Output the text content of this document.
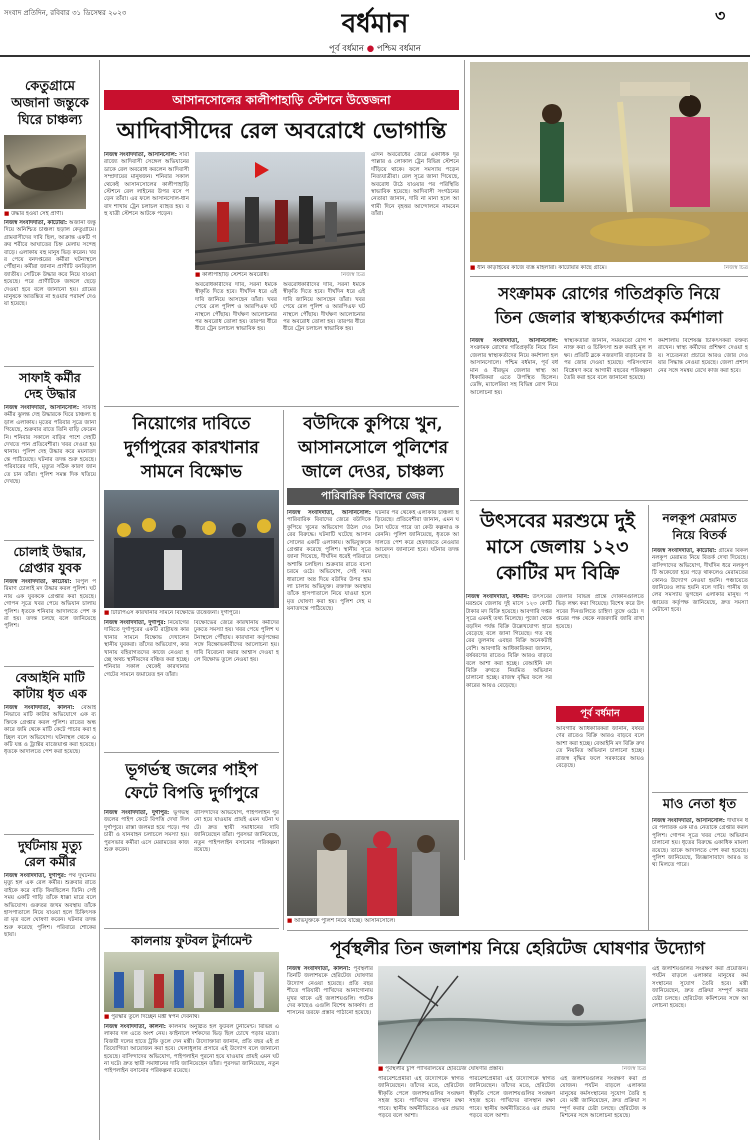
সংবাদ প্রতিদিন, রবিবার ৩১ ডিসেম্বর ২০২৩	বর্ধমান	৩
পূর্ব বর্ধমান ● পশ্চিম বর্ধমান
কেতুগ্রামে
অজানা জন্তুকে
ঘিরে চাঞ্চল্য
■ উদ্ধার হওয়া সেই প্রাণী।
নিজস্ব সংবাদদাতা, কাটোয়া: অজানা জন্তু দিয়ে অনিশ্চিত চাঞ্চল্য ছড়াল কেতুগ্রামে। গ্রামবাসীদের দাবি ছিল, আক্রান্ত একটি গরুর শরীরে আঘাতের চিহ্ন মেলায় সন্দেহ বাড়ে। এলাকায় বহু মানুষ ভিড় করেন। খবর পেয়ে বনদপ্তরের কর্মীরা ঘটনাস্থলে পৌঁছান। কর্মীরা জানান প্রাণীটি বনবিড়াল জাতীয়। সেটিকে উদ্ধার করে নিয়ে যাওয়া হয়েছে। পরে প্রাণীটিকে জঙ্গলে ছেড়ে দেওয়া হবে বলে জানানো হয়। গ্রামের মানুষকে আতঙ্কিত না হওয়ার পরামর্শ দেওয়া হয়েছে।
সাফাই কর্মীর
দেহ উদ্ধার
নিজস্ব সংবাদদাতা, আসানসোল: সাফাই কর্মীর ঝুলন্ত দেহ উদ্ধারকে ঘিরে চাঞ্চল্য ছড়াল এলাকায়। মৃতের পরিবার সূত্রে জানা গিয়েছে, শুক্রবার রাতে তিনি বাড়ি ফেরেননি। শনিবার সকালে বাড়ির পাশে দেহটি দেখতে পান প্রতিবেশীরা। খবর দেওয়া হয় থানায়। পুলিশ দেহ উদ্ধার করে ময়নাতদন্তে পাঠিয়েছে। ঘটনার তদন্ত শুরু হয়েছে। পরিবারের দাবি, মৃত্যুর সঠিক কারণ জানতে চান তাঁরা। পুলিশ সমস্ত দিক খতিয়ে দেখছে।
চোলাই উদ্ধার,
গ্রেপ্তার যুবক
নিজস্ব সংবাদদাতা, কাটোয়া: বিপুল পরিমাণ চোলাই মদ উদ্ধার করল পুলিশ। ঘটনায় এক যুবককে গ্রেপ্তার করা হয়েছে। গোপন সূত্রে খবর পেয়ে অভিযান চালায় পুলিশ। ধৃতকে শনিবার আদালতে পেশ করা হয়। তদন্ত চলছে বলে জানিয়েছে পুলিশ।
বেআইনি মাটি
কাটায় ধৃত এক
নিজস্ব সংবাদদাতা, কালনা: বেআইনিভাবে মাটি কাটার অভিযোগে এক ব্যক্তিকে গ্রেপ্তার করল পুলিশ। রাতের অন্ধকারে জমি থেকে মাটি কেটে পাচার করা হচ্ছিল বলে অভিযোগ। ঘটনাস্থল থেকে একটি যন্ত্র ও ট্র্যাক্টর বাজেয়াপ্ত করা হয়েছে। ধৃতকে আদালতে পেশ করা হয়েছে।
দুর্ঘটনায় মৃত্যু
রেল কর্মীর
নিজস্ব সংবাদদাতা, দুর্গাপুর: পথ দুর্ঘটনায় মৃত্যু হল এক রেল কর্মীর। শুক্রবার রাতে বাইকে করে বাড়ি ফিরছিলেন তিনি। সেই সময় একটি গাড়ি তাঁকে ধাক্কা মারে বলে অভিযোগ। গুরুতর জখম অবস্থায় তাঁকে হাসপাতালে নিয়ে যাওয়া হলে চিকিৎসকরা মৃত বলে ঘোষণা করেন। ঘটনার তদন্ত শুরু করেছে পুলিশ। পরিবারে শোকের ছায়া।
আসানসোলের কালীপাহাড়ি স্টেশনে উত্তেজনা
আদিবাসীদের রেল অবরোধে ভোগান্তি
নিজস্ব সংবাদদাতা, আসানসোল: সারা রাজ্যে আদিবাসী সেঙ্গেল অভিযানের ডাকে রেল অবরোধ করলেন আদিবাসী সম্প্রদায়ের মানুষজন। শনিবার সকাল থেকেই আসানসোলের কালীপাহাড়ি স্টেশনে রেল লাইনের উপর বসে পড়েন তাঁরা। এর ফলে আসানসোল-ধানবাদ শাখায় ট্রেন চলাচল ব্যাহত হয়। বহু যাত্রী স্টেশনে আটকে পড়েন।
■ কালীপাহাড়ি স্টেশনে অবরোধ।	নিজস্ব চিত্র
অবরোধকারীদের দাবি, সরনা ধর্মকে স্বীকৃতি দিতে হবে। দীর্ঘদিন ধরে এই দাবি জানিয়ে আসছেন তাঁরা। খবর পেয়ে রেল পুলিশ ও আরপিএফ ঘটনাস্থলে পৌঁছায়। দীর্ঘক্ষণ আলোচনার পর অবরোধ তোলা হয়। তারপর ধীরে ধীরে ট্রেন চলাচল স্বাভাবিক হয়।
অবরোধকারীদের দাবি, সরনা ধর্মকে স্বীকৃতি দিতে হবে। দীর্ঘদিন ধরে এই দাবি জানিয়ে আসছেন তাঁরা। খবর পেয়ে রেল পুলিশ ও আরপিএফ ঘটনাস্থলে পৌঁছায়। দীর্ঘক্ষণ আলোচনার পর অবরোধ তোলা হয়। তারপর ধীরে ধীরে ট্রেন চলাচল স্বাভাবিক হয়।
এদিন অবরোধের জেরে একাধিক দূরপাল্লার ও লোকাল ট্রেন বিভিন্ন স্টেশনে দাঁড়িয়ে থাকে। ফলে সমস্যায় পড়েন নিত্যযাত্রীরা। রেল সূত্রে জানা গিয়েছে, অবরোধ উঠে যাওয়ার পর পরিস্থিতি স্বাভাবিক হয়েছে। আদিবাসী সংগঠনের নেতারা জানান, দাবি না মানা হলে আগামী দিনে বৃহত্তর আন্দোলনে নামবেন তাঁরা।
■ ধান কাড়াইয়ের কাজে ব্যস্ত মহিলারা। কাটোয়ার কাছে গ্রামে।	নিজস্ব চিত্র
সংক্রামক রোগের গতিপ্রকৃতি নিয়ে
তিন জেলার স্বাস্থ্যকর্তাদের কর্মশালা
নিজস্ব সংবাদদাতা, আসানসোল: সংক্রামক রোগের গতিপ্রকৃতি নিয়ে তিন জেলার স্বাস্থ্যকর্তাদের নিয়ে কর্মশালা হল আসানসোলে। পশ্চিম বর্ধমান, পূর্ব বর্ধমান ও বীরভূম জেলার স্বাস্থ্য আধিকারিকরা এতে উপস্থিত ছিলেন। ডেঙ্গি, ম্যালেরিয়া সহ বিভিন্ন রোগ নিয়ে আলোচনা হয়।
স্বাস্থ্যকর্তারা জানান, সময়মতো রোগ শনাক্ত করা ও চিকিৎসা শুরু করাই মূল লক্ষ্য। প্রতিটি ব্লকে নজরদারি বাড়ানোর উপর জোর দেওয়া হয়েছে। পরিসংখ্যান বিশ্লেষণ করে আগামী বছরের পরিকল্পনা তৈরি করা হবে বলে জানানো হয়েছে।
কর্মশালায় বিশেষজ্ঞ চিকিৎসকরা বক্তব্য রাখেন। স্বাস্থ্য কর্মীদের প্রশিক্ষণ দেওয়া হয়। সচেতনতা প্রচারে আরও জোর দেওয়ার সিদ্ধান্ত নেওয়া হয়েছে। জেলা প্রশাসনের সঙ্গে সমন্বয় রেখে কাজ করা হবে।
নিয়োগের দাবিতে
দুর্গাপুরের কারখানার
সামনে বিক্ষোভ
■ টিটিপিএস কারখানার সামনে বিক্ষোভে উত্তেজনা। দুর্গাপুরে।
নিজস্ব সংবাদদাতা, দুর্গাপুর: নিয়োগের দাবিতে দুর্গাপুরের একটি রাষ্ট্রায়ত্ত কারখানার সামনে বিক্ষোভ দেখালেন স্থানীয় যুবকরা। তাঁদের অভিযোগ, কারখানায় বহিরাগতদের কাজে নেওয়া হচ্ছে অথচ স্থানীয়দের বঞ্চিত করা হচ্ছে। শনিবার সকাল থেকেই কারখানার গেটের সামনে জমায়েত হন তাঁরা।
বিক্ষোভের জেরে কারখানায় কর্মীদের ঢুকতে সমস্যা হয়। খবর পেয়ে পুলিশ ঘটনাস্থলে পৌঁছায়। কারখানা কর্তৃপক্ষের সঙ্গে বিক্ষোভকারীদের আলোচনা হয়। দাবি বিবেচনা করার আশ্বাস দেওয়া হলে বিক্ষোভ তুলে নেওয়া হয়।
বউদিকে কুপিয়ে খুন,
আসানসোলে পুলিশের
জালে দেওর, চাঞ্চল্য
পারিবারিক বিবাদের জের
নিজস্ব সংবাদদাতা, আসানসোল: পারিবারিক বিবাদের জেরে বউদিকে কুপিয়ে খুনের অভিযোগ উঠল দেওরের বিরুদ্ধে। ঘটনাটি ঘটেছে আসানসোলের একটি এলাকায়। অভিযুক্তকে গ্রেপ্তার করেছে পুলিশ। স্থানীয় সূত্রে জানা গিয়েছে, দীর্ঘদিন ধরেই পরিবারে অশান্তি চলছিল। শুক্রবার রাতে বচসা চরমে ওঠে। অভিযোগ, সেই সময় ধারালো অস্ত্র দিয়ে বউদির উপর হামলা চালায় অভিযুক্ত। রক্তাক্ত অবস্থায় তাঁকে হাসপাতালে নিয়ে যাওয়া হলে মৃত ঘোষণা করা হয়। পুলিশ দেহ ময়নাতদন্তে পাঠিয়েছে।
ঘটনার পর থেকেই এলাকায় চাঞ্চল্য ছড়িয়েছে। প্রতিবেশীরা জানান, এমন ঘটনা ঘটতে পারে তা কেউ কল্পনাও করেননি। পুলিশ জানিয়েছে, ধৃতকে আদালতে পেশ করে হেফাজতে নেওয়ার আবেদন জানানো হবে। ঘটনার তদন্ত চলছে।
■ অভিযুক্তকে পুলিশ নিয়ে যাচ্ছে। আসানসোলে।
উৎসবের মরশুমে দুই
মাসে জেলায় ১২৩
কোটির মদ বিক্রি
নিজস্ব সংবাদদাতা, বর্ধমান: উৎসবের মরশুমে জেলায় দুই মাসে ১২৩ কোটি টাকার মদ বিক্রি হয়েছে। আবগারি দপ্তর সূত্রে এমনই তথ্য মিলেছে। পুজো থেকে বড়দিন পর্যন্ত বিক্রি উল্লেখযোগ্য হারে বেড়েছে বলে জানা গিয়েছে। গত বছরের তুলনায় এবছর বিক্রি অনেকটাই বেশি। আবগারি আধিকারিকরা জানান, বর্ষবরণের রাতেও বিক্রি আরও বাড়বে বলে আশা করা হচ্ছে। বেআইনি মদ বিক্রি রুখতে নিয়মিত অভিযান চালানো হচ্ছে। রাজস্ব বৃদ্ধির ফলে সরকারের আয়ও বেড়েছে।
পূর্ব বর্ধমান
জেলার বিভিন্ন প্রান্তে দোকানগুলিতে ভিড় লক্ষ্য করা গিয়েছে। বিশেষ করে উৎসবের দিনগুলিতে চাহিদা তুঙ্গে ওঠে। দপ্তরের পক্ষ থেকে নজরদারি জারি রাখা হয়েছে।
আবগারি আধিকারিকরা জানান, বর্ষবরণের রাতেও বিক্রি আরও বাড়বে বলে আশা করা হচ্ছে। বেআইনি মদ বিক্রি রুখতে নিয়মিত অভিযান চালানো হচ্ছে। রাজস্ব বৃদ্ধির ফলে সরকারের আয়ও বেড়েছে।
নলকূপ মেরামত
নিয়ে বিতর্ক
নিজস্ব সংবাদদাতা, কাটোয়া: গ্রামের বিকল নলকূপ মেরামত নিয়ে বিতর্ক দেখা দিয়েছে। বাসিন্দাদের অভিযোগ, দীর্ঘদিন ধরে নলকূপটি অকেজো হয়ে পড়ে থাকলেও মেরামতের কোনও উদ্যোগ নেওয়া হয়নি। পঞ্চায়েতে জানিয়েও লাভ হয়নি বলে দাবি। পানীয় জলের সমস্যায় ভুগছেন এলাকার মানুষ। পঞ্চায়েত কর্তৃপক্ষ জানিয়েছে, দ্রুত সমস্যা মেটানো হবে।
মাও নেতা ধৃত
নিজস্ব সংবাদদাতা, আসানসোল: দীর্ঘদিন ধরে পলাতক এক মাও নেতাকে গ্রেপ্তার করল পুলিশ। গোপন সূত্রে খবর পেয়ে অভিযান চালানো হয়। ধৃতের বিরুদ্ধে একাধিক মামলা রয়েছে। তাকে আদালতে পেশ করা হয়েছে। পুলিশ জানিয়েছে, জিজ্ঞাসাবাদে আরও তথ্য মিলতে পারে।
ভূগর্ভস্থ জলের পাইপ
ফেটে বিপত্তি দুর্গাপুরে
নিজস্ব সংবাদদাতা, দুর্গাপুর: ভূগর্ভস্থ জলের পাইপ ফেটে বিপত্তি দেখা দিল দুর্গাপুরে। রাস্তা জলমগ্ন হয়ে পড়ে। পথচারী ও যানবাহন চলাচলে সমস্যা হয়। পুরসভার কর্মীরা এসে মেরামতের কাজ শুরু করেন।
বাসিন্দাদের অভিযোগ, পাইপলাইন পুরনো হয়ে যাওয়ায় প্রায়ই এমন ঘটনা ঘটে। দ্রুত স্থায়ী সমাধানের দাবি জানিয়েছেন তাঁরা। পুরসভা জানিয়েছে, নতুন পাইপলাইন বসানোর পরিকল্পনা রয়েছে।
কালনায় ফুটবল টুর্নামেন্ট
■ পুরস্কার তুলে দিচ্ছেন মন্ত্রী স্বপন দেবনাথ।
নিজস্ব সংবাদদাতা, কালনা: কালনায় অনুষ্ঠিত হল ফুটবল টুর্নামেন্ট। বিভিন্ন এলাকার দল এতে অংশ নেয়। ফাইনালে দর্শকদের ভিড় ছিল চোখে পড়ার মতো। বিজয়ী দলের হাতে ট্রফি তুলে দেন মন্ত্রী। উদ্যোক্তারা জানান, প্রতি বছর এই প্রতিযোগিতা আয়োজন করা হবে। খেলাধুলার প্রসারে এই উদ্যোগ বলে জানানো হয়েছে। বাসিন্দাদের অভিযোগ, পাইপলাইন পুরনো হয়ে যাওয়ায় প্রায়ই এমন ঘটনা ঘটে। দ্রুত স্থায়ী সমাধানের দাবি জানিয়েছেন তাঁরা। পুরসভা জানিয়েছে, নতুন পাইপলাইন বসানোর পরিকল্পনা রয়েছে।
পূর্বস্থলীর তিন জলাশয় নিয়ে হেরিটেজ ঘোষণার উদ্যোগ
নিজস্ব সংবাদদাতা, কালনা: পূর্বস্থলীর তিনটি জলাশয়কে হেরিটেজ ঘোষণার উদ্যোগ নেওয়া হয়েছে। প্রতি বছর শীতে পরিযায়ী পাখিদের আনাগোনায় মুখর থাকে এই জলাশয়গুলি। পর্যটকদের কাছেও এগুলি বিশেষ আকর্ষণ। প্রশাসনের তরফে প্রস্তাব পাঠানো হয়েছে।
■ পূর্বস্থলীর চুপি পাখিরালয়ের হেরিটেজ ঘোষণার প্রস্তাব।	নিজস্ব চিত্র
পরিবেশপ্রেমীরা এই উদ্যোগকে স্বাগত জানিয়েছেন। তাঁদের মতে, হেরিটেজ স্বীকৃতি পেলে জলাশয়গুলির সংরক্ষণ সহজ হবে। পাখিদের বাসস্থান রক্ষা পাবে। স্থানীয় অর্থনীতিতেও এর প্রভাব পড়বে বলে আশা।
পরিবেশপ্রেমীরা এই উদ্যোগকে স্বাগত জানিয়েছেন। তাঁদের মতে, হেরিটেজ স্বীকৃতি পেলে জলাশয়গুলির সংরক্ষণ সহজ হবে। পাখিদের বাসস্থান রক্ষা পাবে। স্থানীয় অর্থনীতিতেও এর প্রভাব পড়বে বলে আশা।
এই জলাশয়গুলির সংরক্ষণ করা প্রয়োজন। পর্যটন বাড়লে এলাকার মানুষের কর্মসংস্থানের সুযোগ তৈরি হবে। মন্ত্রী জানিয়েছেন, দ্রুত প্রক্রিয়া সম্পূর্ণ করার চেষ্টা চলছে। হেরিটেজ কমিশনের সঙ্গে আলোচনা হয়েছে।
এই জলাশয়গুলির সংরক্ষণ করা প্রয়োজন। পর্যটন বাড়লে এলাকার মানুষের কর্মসংস্থানের সুযোগ তৈরি হবে। মন্ত্রী জানিয়েছেন, দ্রুত প্রক্রিয়া সম্পূর্ণ করার চেষ্টা চলছে। হেরিটেজ কমিশনের সঙ্গে আলোচনা হয়েছে।
